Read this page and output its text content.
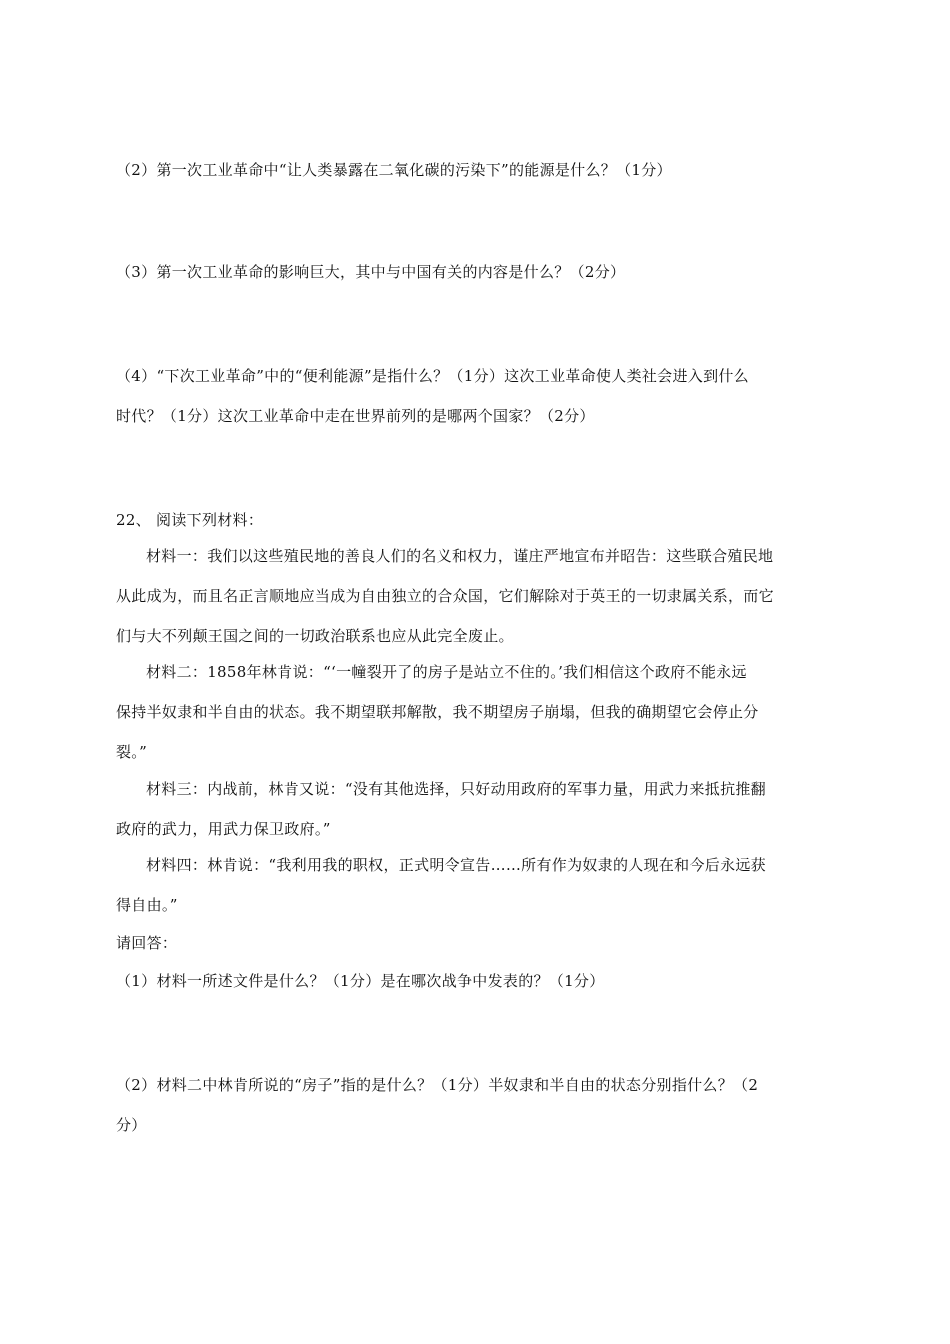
（2）第一次工业革命中“让人类暴露在二氧化碳的污染下”的能源是什么？（1分）
（3）第一次工业革命的影响巨大，其中与中国有关的内容是什么？（2分）
（4）“下次工业革命”中的“便利能源”是指什么？（1分）这次工业革命使人类社会进入到什么
时代？（1分）这次工业革命中走在世界前列的是哪两个国家？（2分）
22、 阅读下列材料：
材料一：我们以这些殖民地的善良人们的名义和权力，谨庄严地宣布并昭告：这些联合殖民地
从此成为，而且名正言顺地应当成为自由独立的合众国，它们解除对于英王的一切隶属关系，而它
们与大不列颠王国之间的一切政治联系也应从此完全废止。
材料二：1858年林肯说：“‘一幢裂开了的房子是站立不住的。’我们相信这个政府不能永远
保持半奴隶和半自由的状态。我不期望联邦解散，我不期望房子崩塌，但我的确期望它会停止分
裂。”
材料三：内战前，林肯又说：“没有其他选择，只好动用政府的军事力量，用武力来抵抗推翻
政府的武力，用武力保卫政府。”
材料四：林肯说：“我利用我的职权，正式明令宣告……所有作为奴隶的人现在和今后永远获
得自由。”
请回答：
（1）材料一所述文件是什么？（1分）是在哪次战争中发表的？（1分）
（2）材料二中林肯所说的“房子”指的是什么？（1分）半奴隶和半自由的状态分别指什么？（2
分）
